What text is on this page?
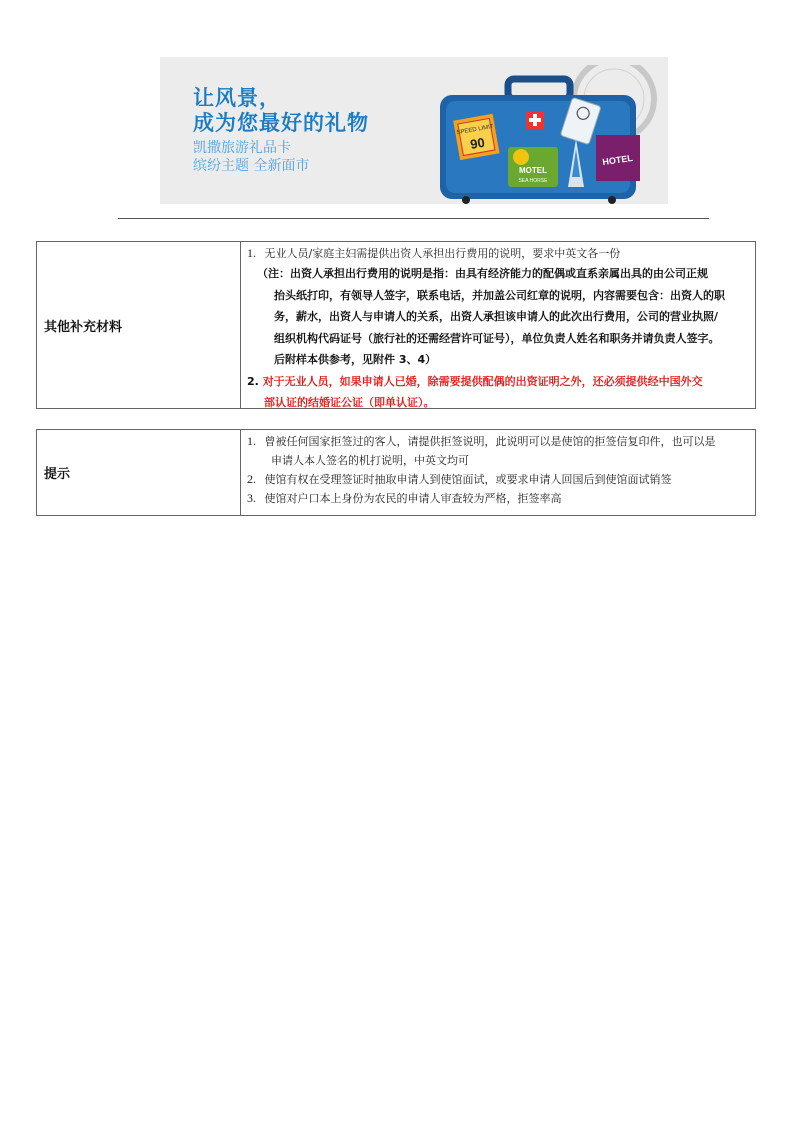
让风景，
成为您最好的礼物
凯撒旅游礼品卡
缤纷主题 全新面市
SPEED LIMIT
90
MOTEL
SEA HORSE
HOTEL
其他补充材料
1. 无业人员/家庭主妇需提供出资人承担出行费用的说明，要求中英文各一份
（注：出资人承担出行费用的说明是指：由具有经济能力的配偶或直系亲属出具的由公司正规
抬头纸打印，有领导人签字，联系电话，并加盖公司红章的说明，内容需要包含：出资人的职
务，薪水，出资人与申请人的关系，出资人承担该申请人的此次出行费用，公司的营业执照/
组织机构代码证号（旅行社的还需经营许可证号），单位负责人姓名和职务并请负责人签字。
后附样本供参考，见附件 3、4）
2. 对于无业人员，如果申请人已婚，除需要提供配偶的出资证明之外，还必须提供经中国外交
部认证的结婚证公证（即单认证）。
提示
1. 曾被任何国家拒签过的客人，请提供拒签说明，此说明可以是使馆的拒签信复印件，也可以是
申请人本人签名的机打说明，中英文均可
2. 使馆有权在受理签证时抽取申请人到使馆面试，或要求申请人回国后到使馆面试销签
3. 使馆对户口本上身份为农民的申请人审查较为严格，拒签率高
